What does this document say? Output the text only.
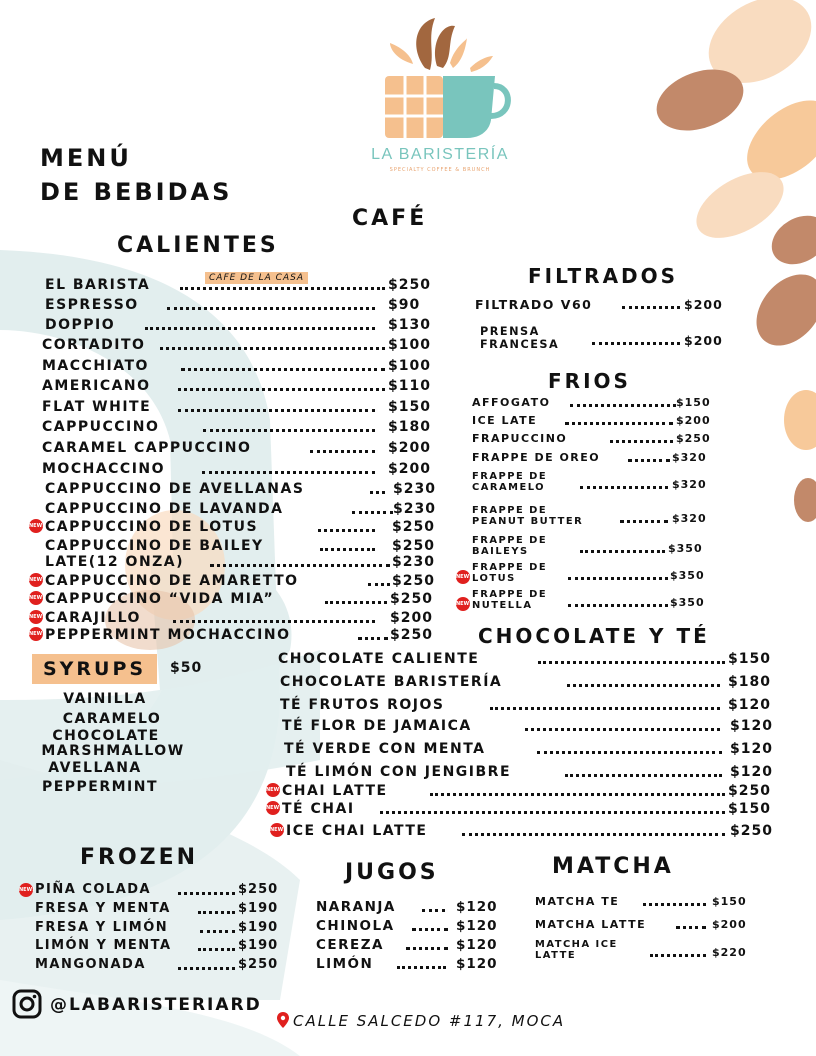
LA BARISTERÍA
SPECIALTY COFFEE & BRUNCH
MENÚ
DE BEBIDAS
CAFÉ
CALIENTES
EL BARISTA	$250
ESPRESSO	$90
DOPPIO	$130
CORTADITO	$100
MACCHIATO	$100
AMERICANO	$110
FLAT WHITE	$150
CAPPUCCINO	$180
CARAMEL CAPPUCCINO	$200
MOCHACCINO	$200
CAPPUCCINO DE AVELLANAS	$230
CAPPUCCINO DE LAVANDA	$230
CAPPUCCINO DE LOTUS	$250
NEW!
CAPPUCCINO DE BAILEY	$250
LATE(12 ONZA)	$230
CAPPUCCINO DE AMARETTO	$250
NEW!
CAPPUCCINO “VIDA MIA”	$250
NEW!
CARAJILLO	$200
NEW!
PEPPERMINT MOCHACCINO	$250
NEW!
CAFE DE LA CASA
SYRUPS	$50
VAINILLA
CARAMELO
CHOCOLATE
MARSHMALLOW
AVELLANA
PEPPERMINT
FILTRADOS
FILTRADO V60	$200
PRENSA
FRANCESA	$200
FRIOS
AFFOGATO	$150
ICE LATE	$200
FRAPUCCINO	$250
FRAPPE DE OREO	$320
FRAPPE DE
CARAMELO	$320
FRAPPE DE
PEANUT BUTTER	$320
FRAPPE DE
BAILEYS	$350
FRAPPE DE
LOTUS	$350
NEW!
FRAPPE DE
NUTELLA	$350
NEW!
CHOCOLATE Y TÉ
CHOCOLATE CALIENTE	$150
CHOCOLATE BARISTERÍA	$180
TÉ FRUTOS ROJOS	$120
TÉ FLOR DE JAMAICA	$120
TÉ VERDE CON MENTA	$120
TÉ LIMÓN CON JENGIBRE	$120
CHAI LATTE	$250
NEW!
TÉ CHAI	$150
NEW!
ICE CHAI LATTE	$250
NEW!
FROZEN
PIÑA COLADA	$250
NEW!
FRESA Y MENTA	$190
FRESA Y LIMÓN	$190
LIMÓN Y MENTA	$190
MANGONADA	$250
JUGOS
NARANJA	$120
CHINOLA	$120
CEREZA	$120
LIMÓN	$120
MATCHA
MATCHA TE	$150
MATCHA LATTE	$200
MATCHA ICE
LATTE	$220
@LABARISTERIARD
CALLE SALCEDO #117, MOCA
